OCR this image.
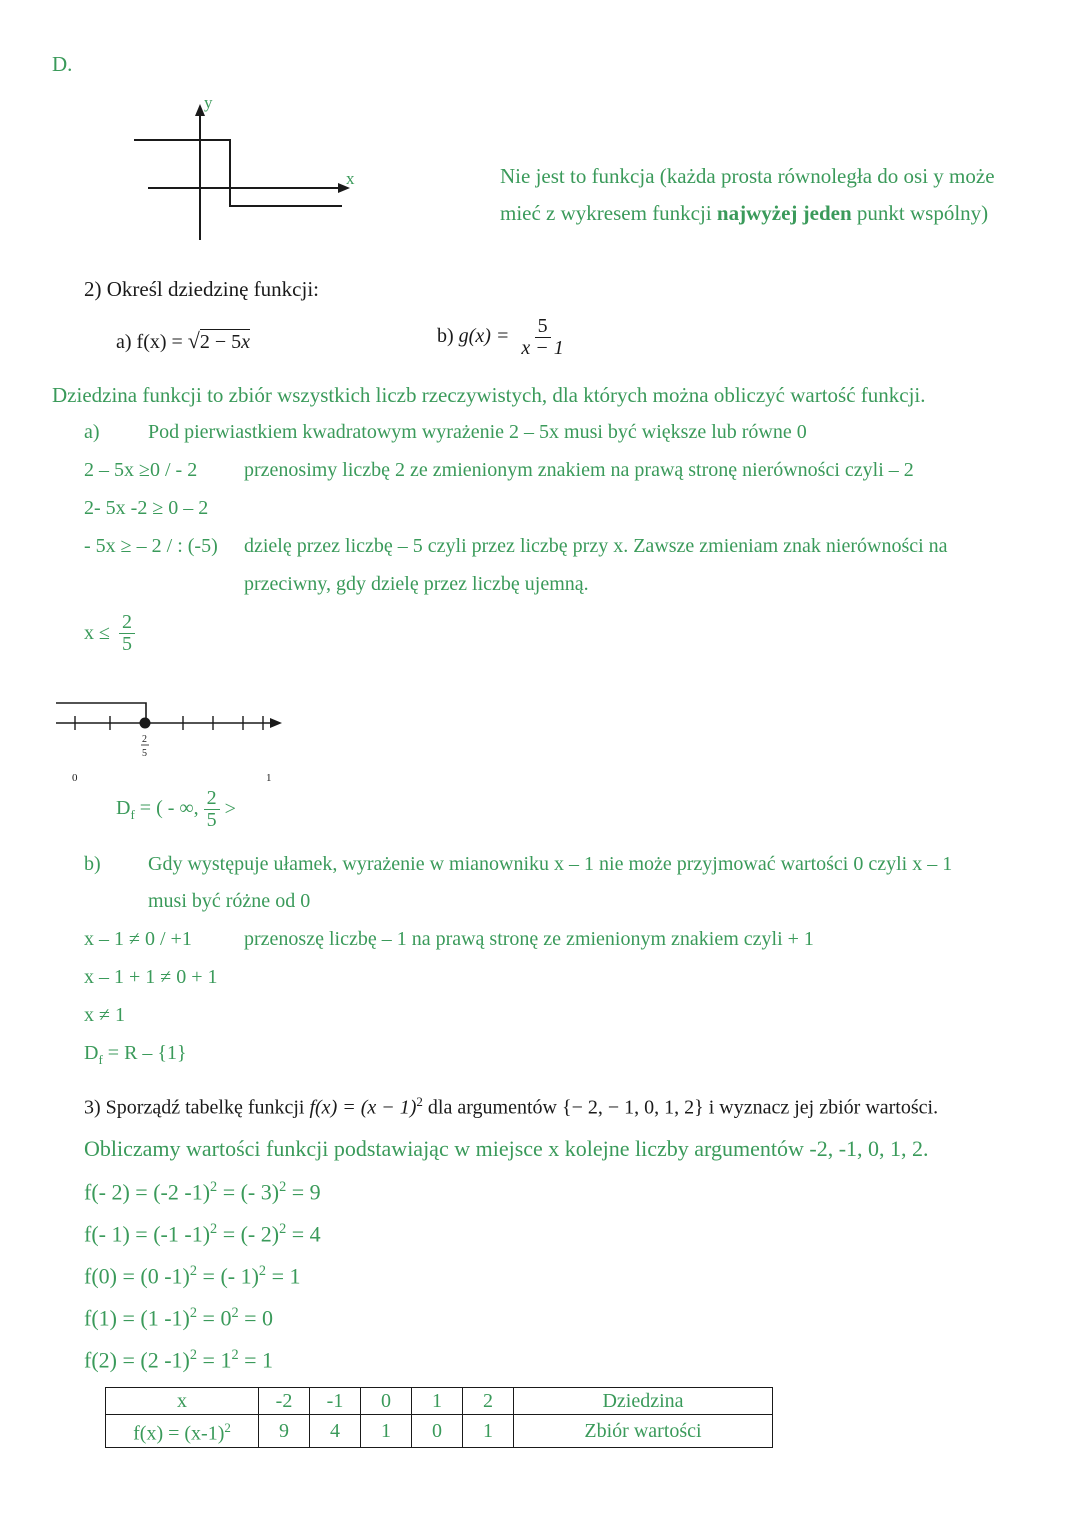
D.
y
x	Nie jest to funkcja (każda prosta równoległa do osi y może
mieć z wykresem funkcji najwyżej jeden punkt wspólny)
2) Określ dziedzinę funkcji:
a) f(x) = √2 − 5x	b) $g(x) = \frac{5}{x - 1}$
Dziedzina funkcji to zbiór wszystkich liczb rzeczywistych, dla których można obliczyć wartość funkcji.
a) Pod pierwiastkiem kwadratowym wyrażenie 2 – 5x musi być większe lub równe 0
2 – 5x ≥0 / - 2 przenosimy liczbę 2 ze zmienionym znakiem na prawą stronę nierówności czyli – 2
2- 5x -2 ≥ 0 – 2
- 5x ≥ – 2 / : (-5) dzielę przez liczbę – 5 czyli przez liczbę przy x. Zawsze zmieniam znak nierówności na
przeciwny, gdy dzielę przez liczbę ujemną.
$x \le \frac{2}{5}$
2
5
0	1
$D_f$ = ( - ∞, $\frac{2}{5}$ >
b) Gdy występuje ułamek, wyrażenie w mianowniku x – 1 nie może przyjmować wartości 0 czyli x – 1
musi być różne od 0
x – 1 ≠ 0 / +1	przenoszę liczbę – 1 na prawą stronę ze zmienionym znakiem czyli + 1
x – 1 + 1 ≠ 0 + 1
x ≠ 1
$D_f = R - \{1\}$
3) Sporządź tabelkę funkcji $f(x) = (x - 1)^2$ dla argumentów {− 2, − 1, 0, 1, 2} i wyznacz jej zbiór wartości.
Obliczamy wartości funkcji podstawiając w miejsce x kolejne liczby argumentów -2, -1, 0, 1, 2.
f(- 2) = (-2 -1)$^2$ = (- 3)$^2$ = 9
f(- 1) = (-1 -1)$^2$ = (- 2)$^2$ = 4
f(0) = (0 -1)$^2$ = (- 1)$^2$ = 1
f(1) = (1 $-1)^2 = 0^2 = 0$
f(2) = (2 $-1)^2 = 1^2 = 1$
x	-2	-1	0	1	2	Dziedzina
$f(x) = (x-1)^2$	9	4	1	0	1	Zbiór wartości
